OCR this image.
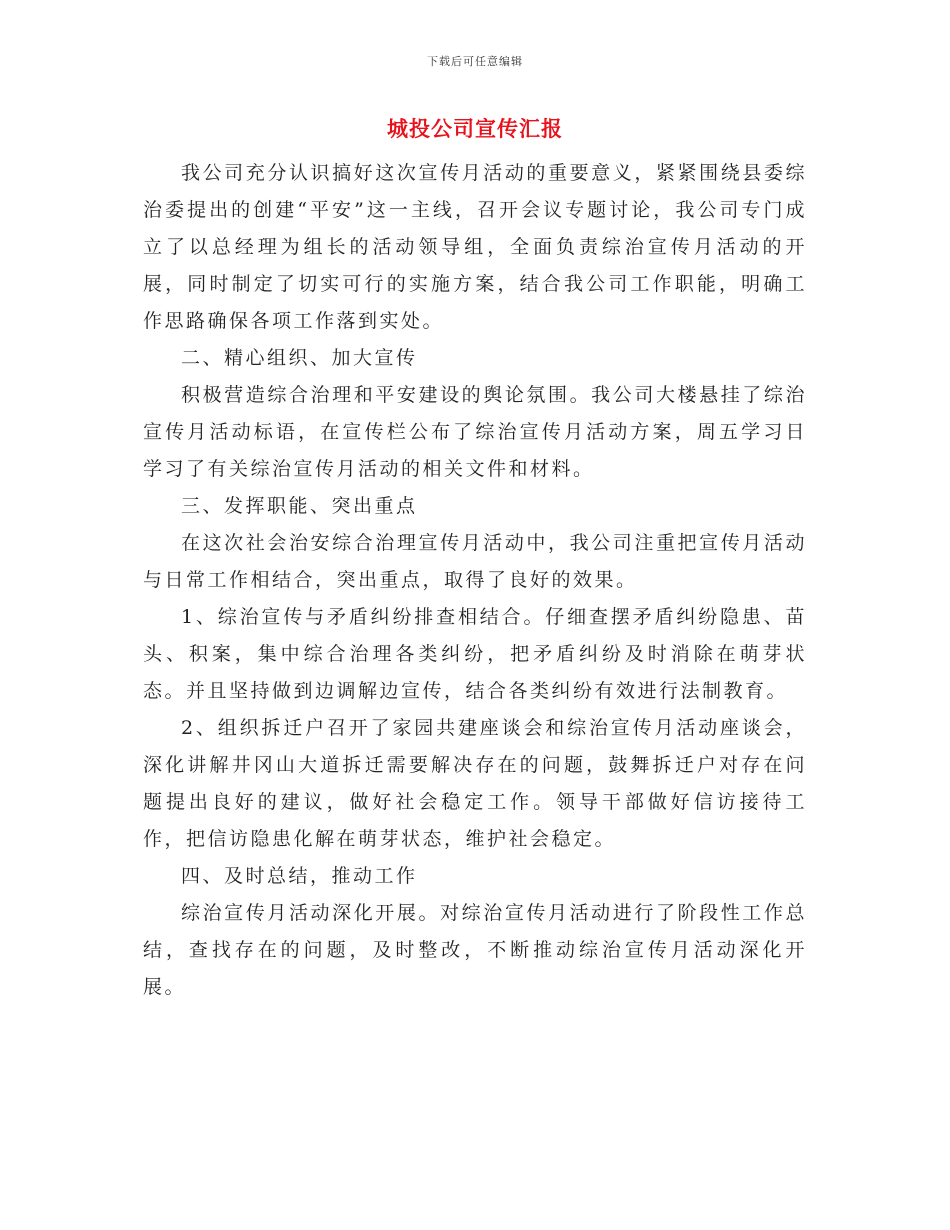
下载后可任意编辑
城投公司宣传汇报

我公司充分认识搞好这次宣传月活动的重要意义，紧紧围绕县委综治委提出的创建“平安”这一主线，召开会议专题讨论，我公司专门成立了以总经理为组长的活动领导组，全面负责综治宣传月活动的开展，同时制定了切实可行的实施方案，结合我公司工作职能，明确工作思路确保各项工作落到实处。

二、精心组织、加大宣传

积极营造综合治理和平安建设的舆论氛围。我公司大楼悬挂了综治宣传月活动标语，在宣传栏公布了综治宣传月活动方案，周五学习日学习了有关综治宣传月活动的相关文件和材料。

三、发挥职能、突出重点

在这次社会治安综合治理宣传月活动中，我公司注重把宣传月活动与日常工作相结合，突出重点，取得了良好的效果。

1、综治宣传与矛盾纠纷排查相结合。仔细查摆矛盾纠纷隐患、苗头、积案，集中综合治理各类纠纷，把矛盾纠纷及时消除在萌芽状态。并且坚持做到边调解边宣传，结合各类纠纷有效进行法制教育。

2、组织拆迁户召开了家园共建座谈会和综治宣传月活动座谈会，深化讲解井冈山大道拆迁需要解决存在的问题，鼓舞拆迁户对存在问题提出良好的建议，做好社会稳定工作。领导干部做好信访接待工作，把信访隐患化解在萌芽状态，维护社会稳定。

四、及时总结，推动工作

综治宣传月活动深化开展。对综治宣传月活动进行了阶段性工作总结，查找存在的问题，及时整改，不断推动综治宣传月活动深化开展。
